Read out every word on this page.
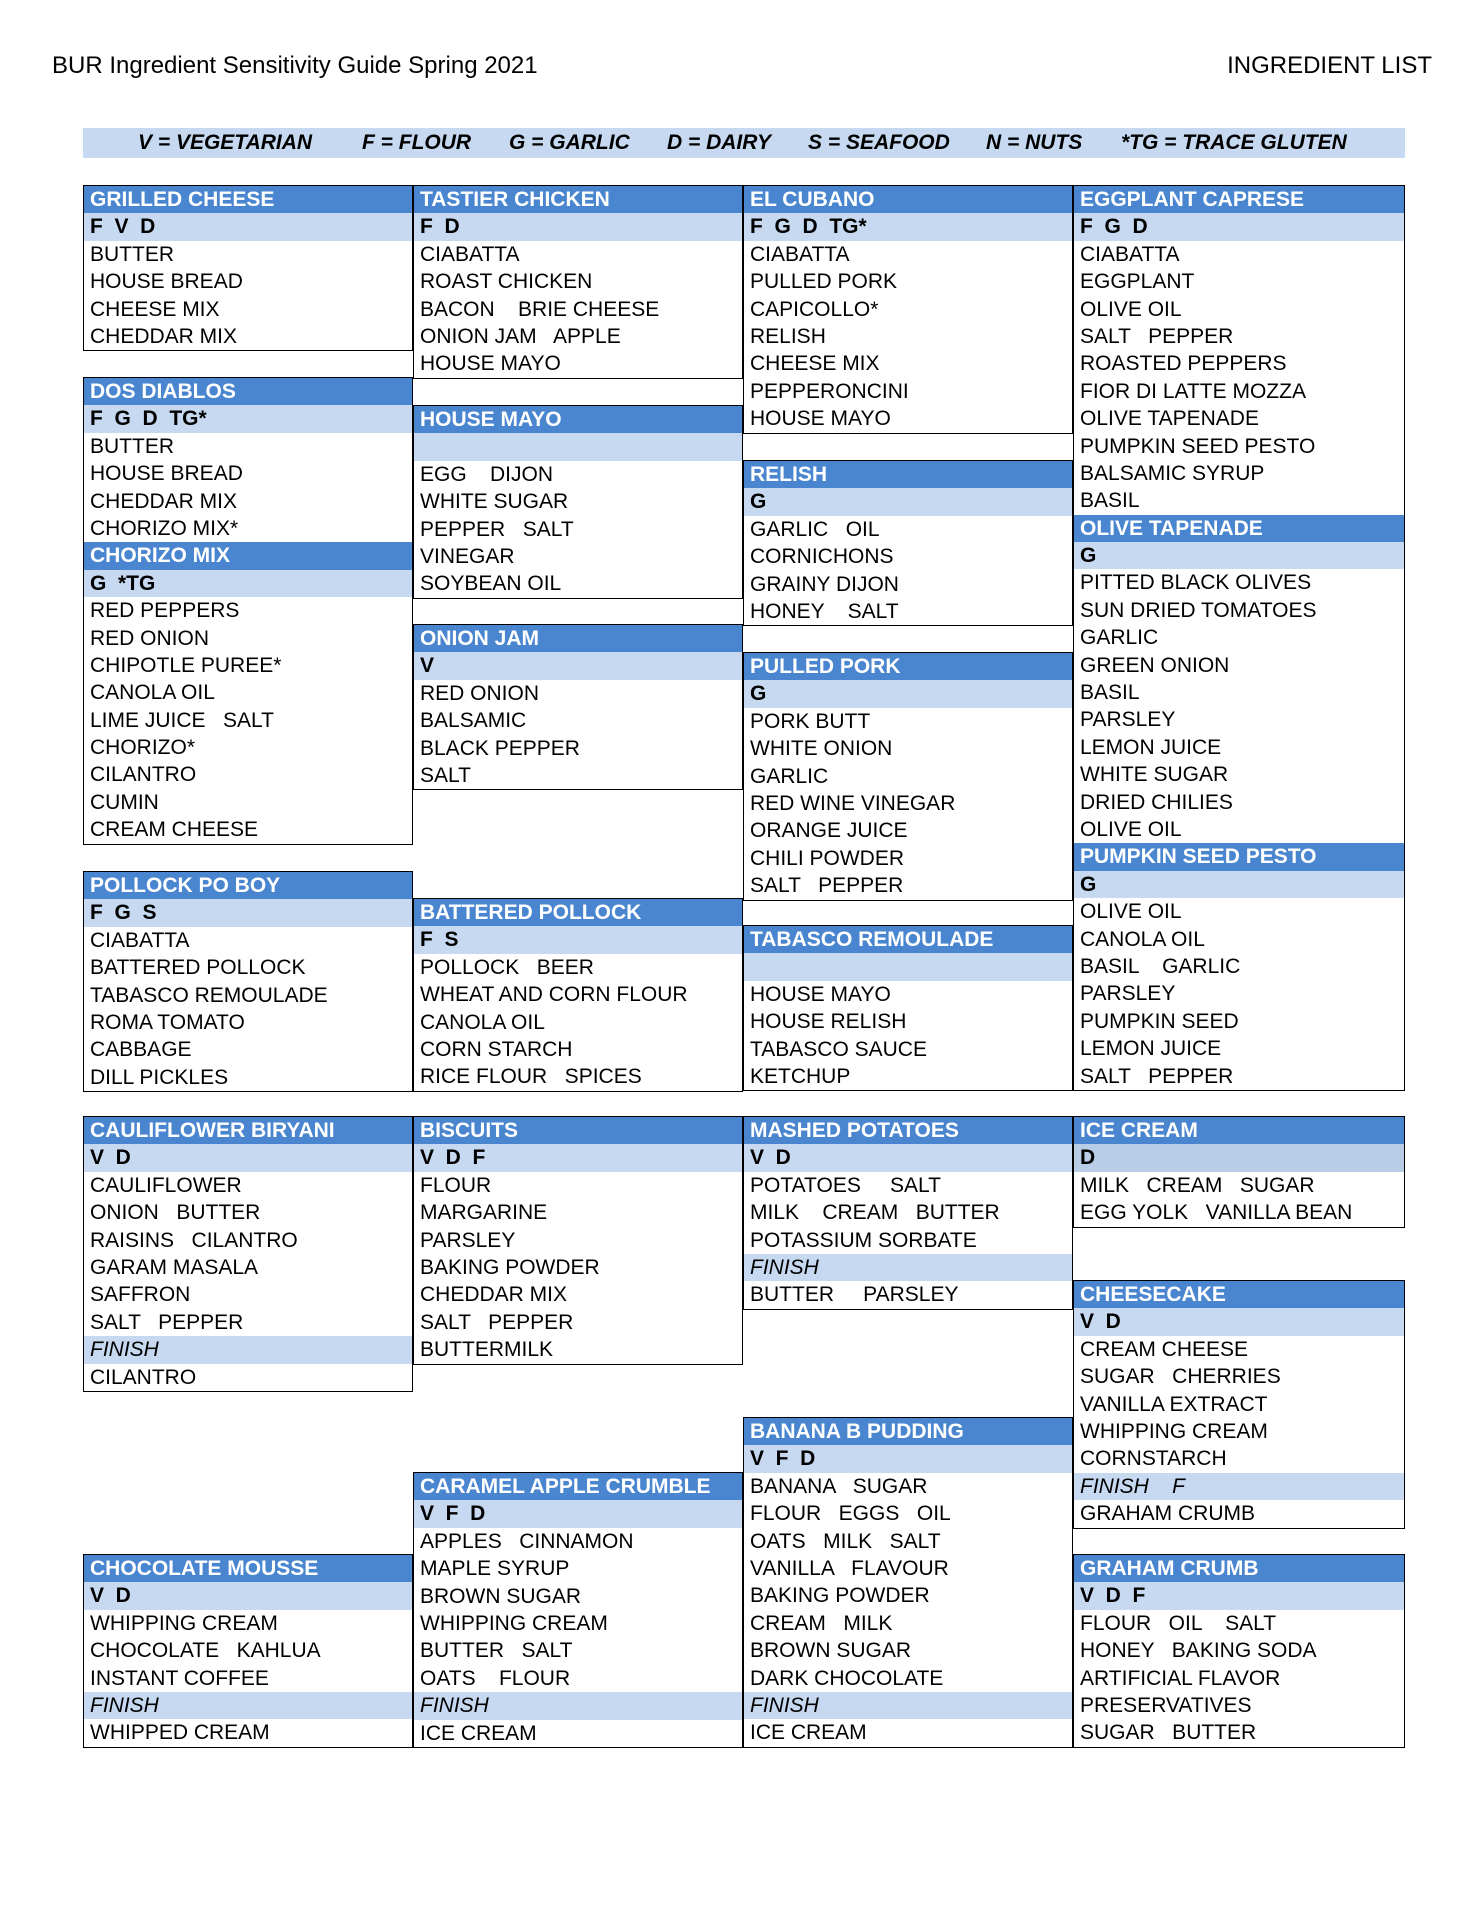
BUR Ingredient Sensitivity Guide Spring 2021	INGREDIENT LIST
V = VEGETARIAN F = FLOUR G = GARLIC D = DAIRY S = SEAFOOD N = NUTS *TG = TRACE GLUTEN
GRILLED CHEESE
F  V  D
BUTTER
HOUSE BREAD
CHEESE MIX
CHEDDAR MIX
DOS DIABLOS
F  G  D  TG*
BUTTER
HOUSE BREAD
CHEDDAR MIX
CHORIZO MIX*
CHORIZO MIX
G  *TG
RED PEPPERS
RED ONION
CHIPOTLE PUREE*
CANOLA OIL
LIME JUICE   SALT
CHORIZO*
CILANTRO
CUMIN
CREAM CHEESE
POLLOCK PO BOY
F  G  S
CIABATTA
BATTERED POLLOCK
TABASCO REMOULADE
ROMA TOMATO
CABBAGE
DILL PICKLES
TASTIER CHICKEN
F  D
CIABATTA
ROAST CHICKEN
BACON    BRIE CHEESE
ONION JAM   APPLE
HOUSE MAYO
HOUSE MAYO
EGG    DIJON
WHITE SUGAR
PEPPER   SALT
VINEGAR
SOYBEAN OIL
ONION JAM
V
RED ONION
BALSAMIC
BLACK PEPPER
SALT
BATTERED POLLOCK
F  S
POLLOCK   BEER
WHEAT AND CORN FLOUR
CANOLA OIL
CORN STARCH
RICE FLOUR   SPICES
EL CUBANO
F  G  D  TG*
CIABATTA
PULLED PORK
CAPICOLLO*
RELISH
CHEESE MIX
PEPPERONCINI
HOUSE MAYO
RELISH
G
GARLIC   OIL
CORNICHONS
GRAINY DIJON
HONEY    SALT
PULLED PORK
G
PORK BUTT
WHITE ONION
GARLIC
RED WINE VINEGAR
ORANGE JUICE
CHILI POWDER
SALT   PEPPER
TABASCO REMOULADE
HOUSE MAYO
HOUSE RELISH
TABASCO SAUCE
KETCHUP
EGGPLANT CAPRESE
F  G  D
CIABATTA
EGGPLANT
OLIVE OIL
SALT   PEPPER
ROASTED PEPPERS
FIOR DI LATTE MOZZA
OLIVE TAPENADE
PUMPKIN SEED PESTO
BALSAMIC SYRUP
BASIL
OLIVE TAPENADE
G
PITTED BLACK OLIVES
SUN DRIED TOMATOES
GARLIC
GREEN ONION
BASIL
PARSLEY
LEMON JUICE
WHITE SUGAR
DRIED CHILIES
OLIVE OIL
PUMPKIN SEED PESTO
G
OLIVE OIL
CANOLA OIL
BASIL    GARLIC
PARSLEY
PUMPKIN SEED
LEMON JUICE
SALT   PEPPER
CAULIFLOWER BIRYANI
V  D
CAULIFLOWER
ONION   BUTTER
RAISINS   CILANTRO
GARAM MASALA
SAFFRON
SALT   PEPPER
FINISH
CILANTRO
CHOCOLATE MOUSSE
V  D
WHIPPING CREAM
CHOCOLATE   KAHLUA
INSTANT COFFEE
FINISH
WHIPPED CREAM
BISCUITS
V  D  F
FLOUR
MARGARINE
PARSLEY
BAKING POWDER
CHEDDAR MIX
SALT   PEPPER
BUTTERMILK
CARAMEL APPLE CRUMBLE
V  F  D
APPLES   CINNAMON
MAPLE SYRUP
BROWN SUGAR
WHIPPING CREAM
BUTTER   SALT
OATS    FLOUR
FINISH
ICE CREAM
MASHED POTATOES
V  D
POTATOES     SALT
MILK    CREAM   BUTTER
POTASSIUM SORBATE
FINISH
BUTTER     PARSLEY
BANANA B PUDDING
V  F  D
BANANA   SUGAR
FLOUR   EGGS   OIL
OATS   MILK   SALT
VANILLA   FLAVOUR
BAKING POWDER
CREAM   MILK
BROWN SUGAR
DARK CHOCOLATE
FINISH
ICE CREAM
ICE CREAM
D
MILK   CREAM   SUGAR
EGG YOLK   VANILLA BEAN
CHEESECAKE
V  D
CREAM CHEESE
SUGAR   CHERRIES
VANILLA EXTRACT
WHIPPING CREAM
CORNSTARCH
FINISH    F
GRAHAM CRUMB
GRAHAM CRUMB
V  D  F
FLOUR   OIL    SALT
HONEY   BAKING SODA
ARTIFICIAL FLAVOR
PRESERVATIVES
SUGAR   BUTTER
